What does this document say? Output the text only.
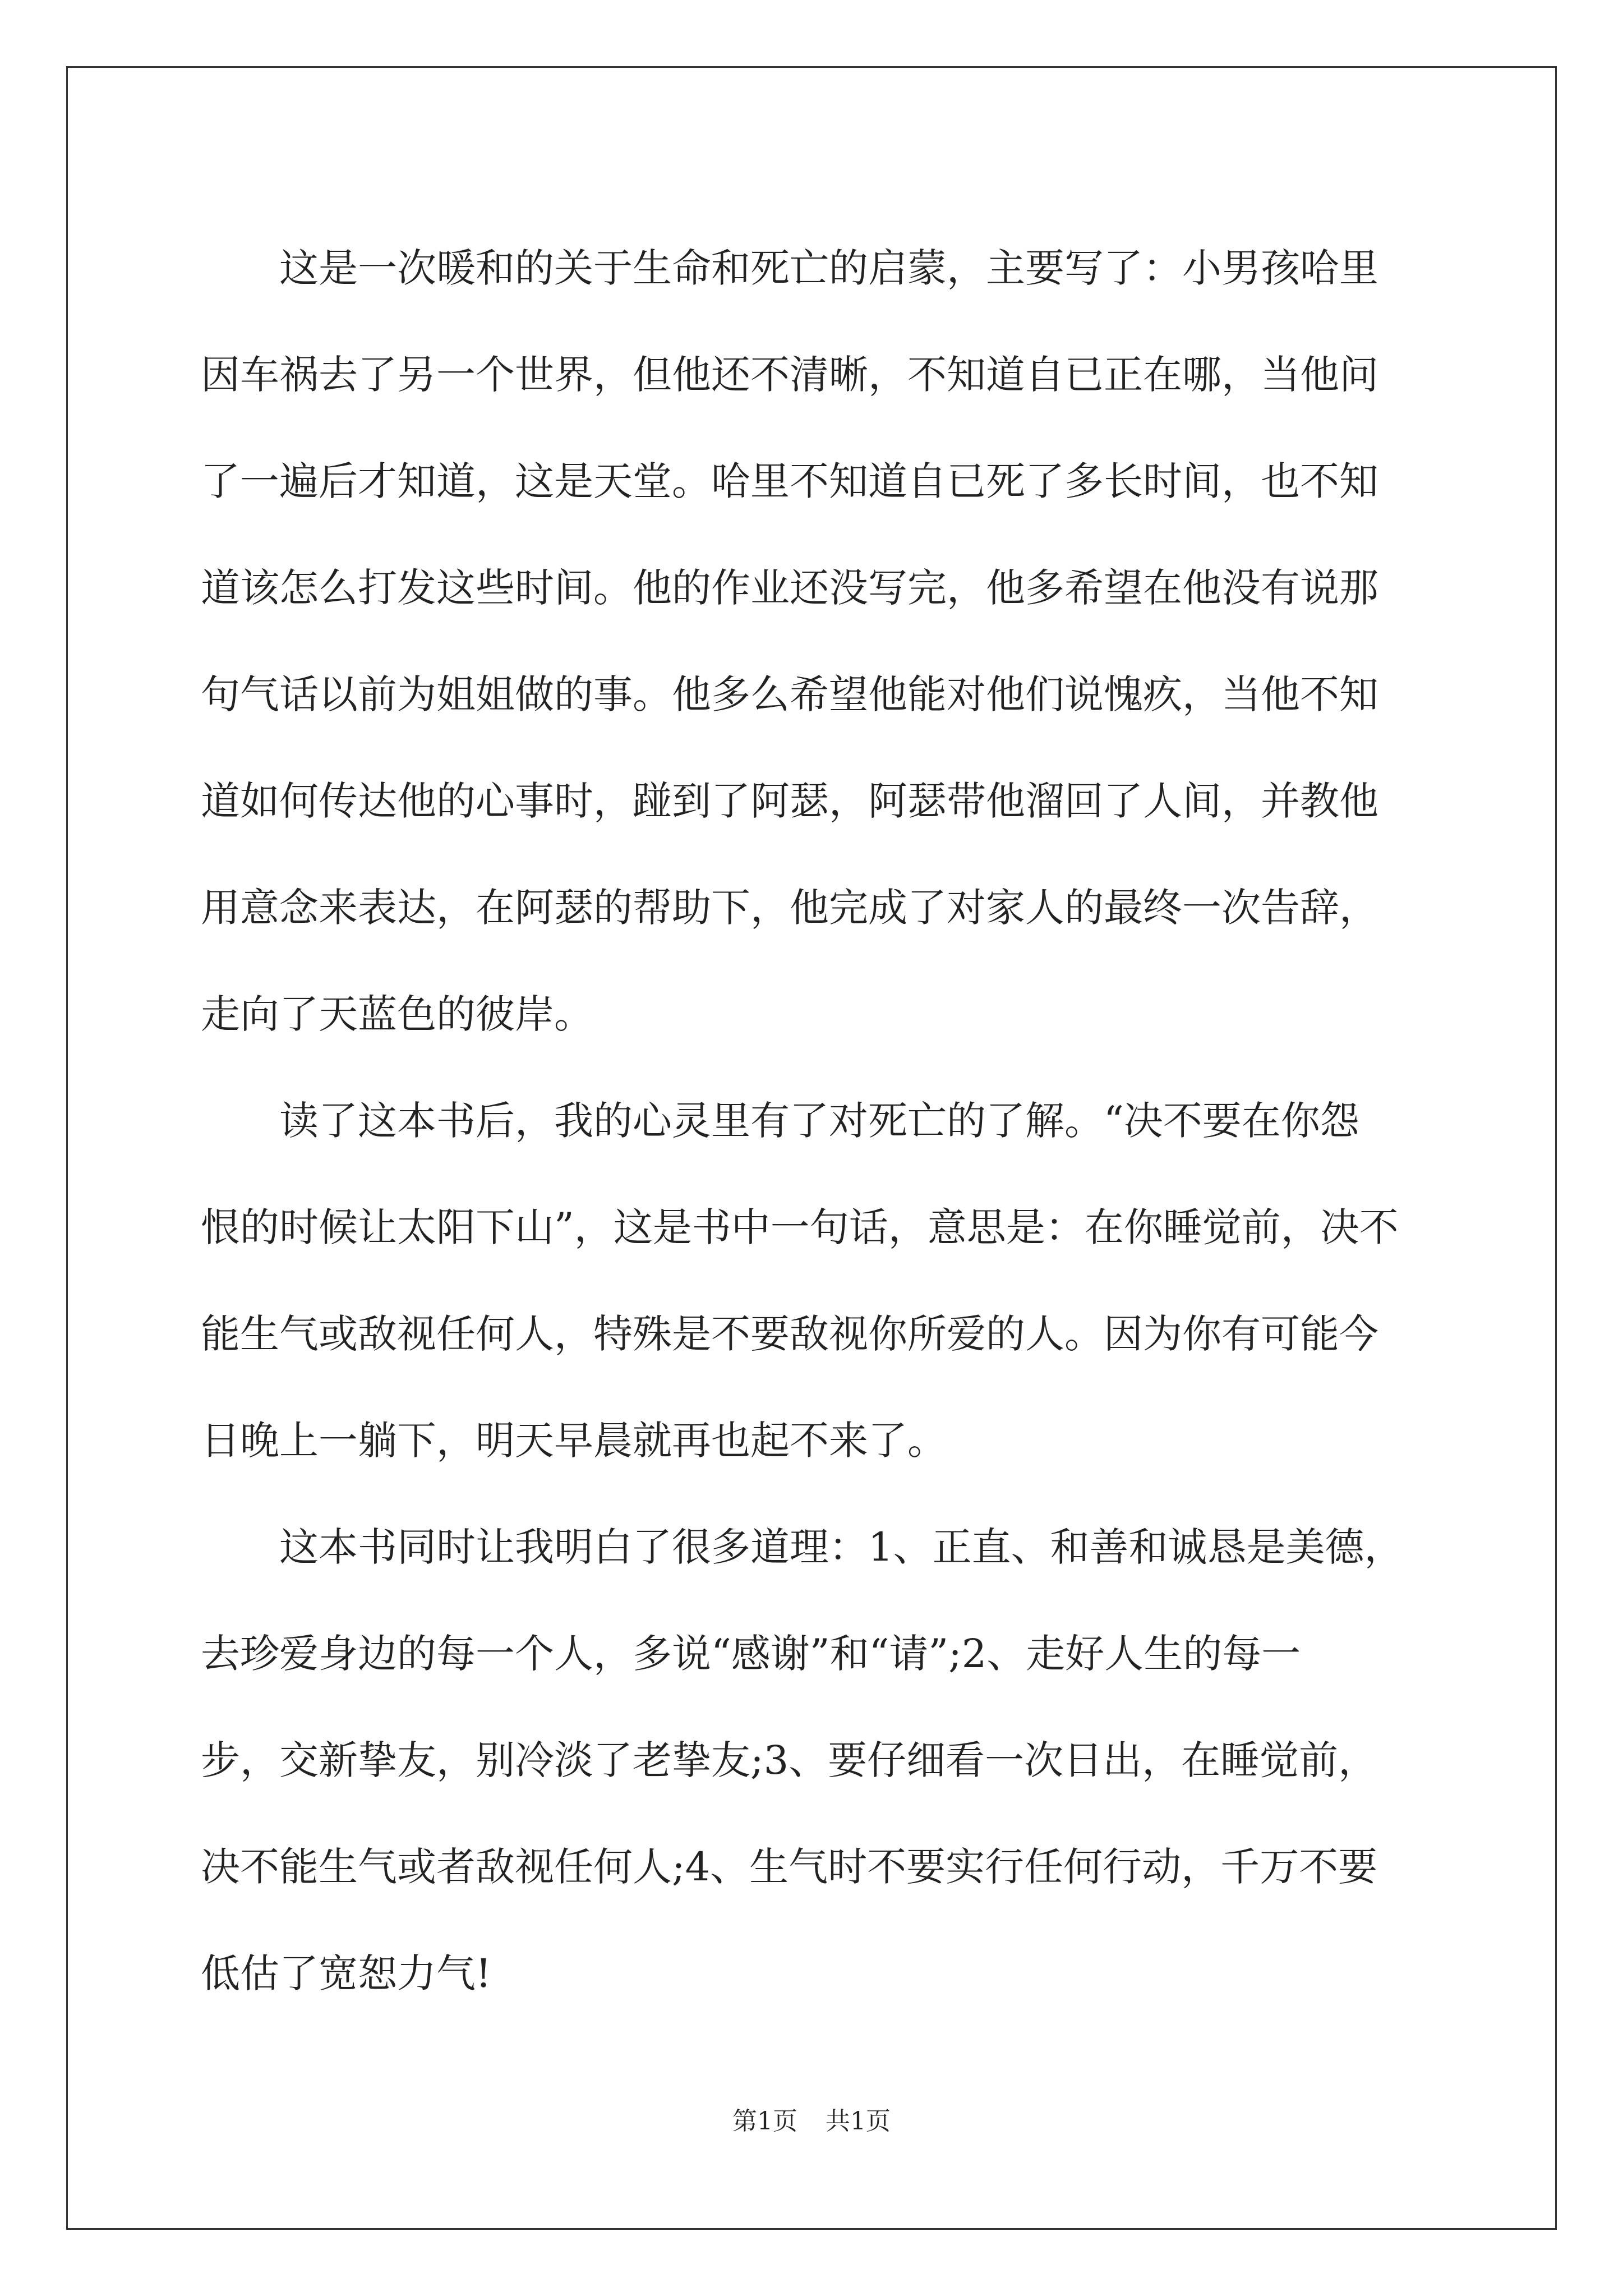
　　这是一次暖和的关于生命和死亡的启蒙，主要写了：小男孩哈里
因车祸去了另一个世界，但他还不清晰，不知道自已正在哪，当他问
了一遍后才知道，这是天堂。哈里不知道自已死了多长时间，也不知
道该怎么打发这些时间。他的作业还没写完，他多希望在他没有说那
句气话以前为姐姐做的事。他多么希望他能对他们说愧疚，当他不知
道如何传达他的心事时，踫到了阿瑟，阿瑟带他溜回了人间，并教他
用意念来表达，在阿瑟的帮助下，他完成了对家人的最终一次告辞，
走向了天蓝色的彼岸。
　　读了这本书后，我的心灵里有了对死亡的了解。“决不要在你怨
恨的时候让太阳下山”，这是书中一句话，意思是：在你睡觉前，决不
能生气或敌视任何人，特殊是不要敌视你所爱的人。因为你有可能今
日晚上一躺下，明天早晨就再也起不来了。
　　这本书同时让我明白了很多道理：1、正直、和善和诚恳是美德，
去珍爱身边的每一个人，多说“感谢”和“请”;2、走好人生的每一
步，交新挚友，别冷淡了老挚友;3、要仔细看一次日出，在睡觉前，
决不能生气或者敌视任何人;4、生气时不要实行任何行动，千万不要
低估了宽恕力气!
第1页 共1页
